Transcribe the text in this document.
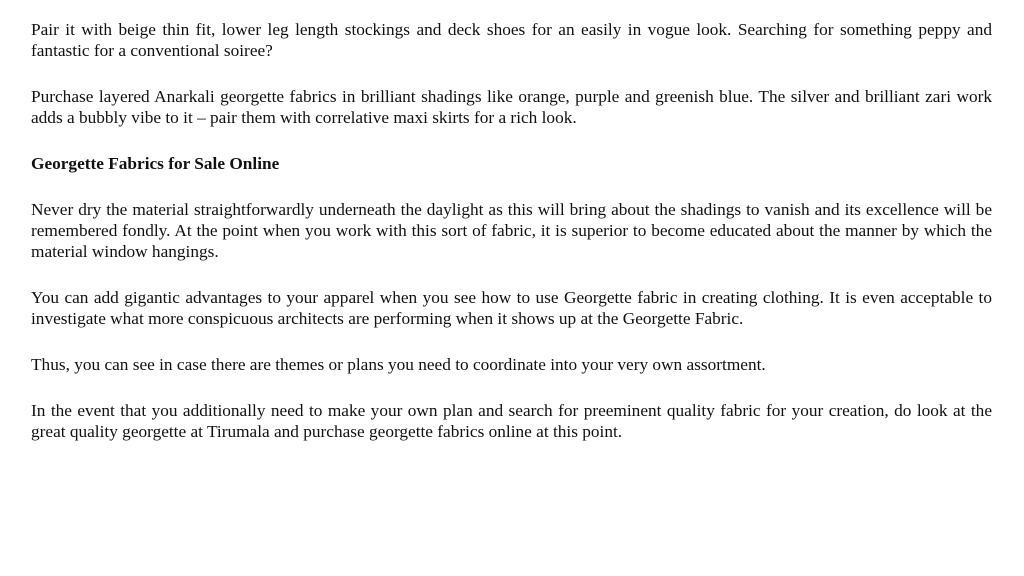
Pair it with beige thin fit, lower leg length stockings and deck shoes for an easily in vogue look. Searching for something peppy and fantastic for a conventional soiree?

Purchase layered Anarkali georgette fabrics in brilliant shadings like orange, purple and greenish blue. The silver and brilliant zari work adds a bubbly vibe to it – pair them with correlative maxi skirts for a rich look.

Georgette Fabrics for Sale Online

Never dry the material straightforwardly underneath the daylight as this will bring about the shadings to vanish and its excellence will be remembered fondly. At the point when you work with this sort of fabric, it is superior to become educated about the manner by which the material window hangings.

You can add gigantic advantages to your apparel when you see how to use Georgette fabric in creating clothing. It is even acceptable to investigate what more conspicuous architects are performing when it shows up at the Georgette Fabric.

Thus, you can see in case there are themes or plans you need to coordinate into your very own assortment.

In the event that you additionally need to make your own plan and search for preeminent quality fabric for your creation, do look at the great quality georgette at Tirumala and purchase georgette fabrics online at this point.
